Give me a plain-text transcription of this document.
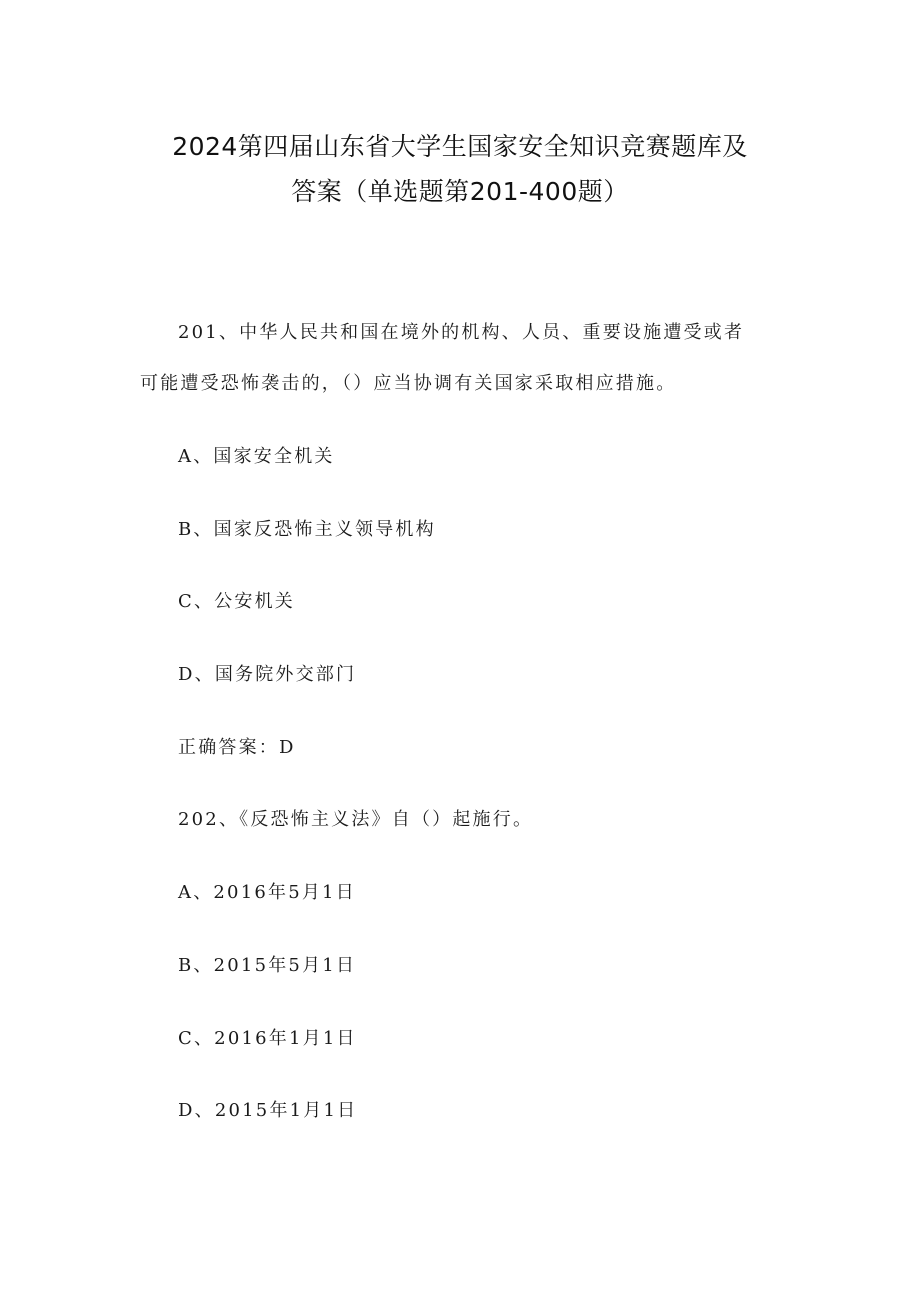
2024第四届山东省大学生国家安全知识竞赛题库及
答案（单选题第201-400题）
201、中华人民共和国在境外的机构、人员、重要设施遭受或者
可能遭受恐怖袭击的，（）应当协调有关国家采取相应措施。
A、国家安全机关
B、国家反恐怖主义领导机构
C、公安机关
D、国务院外交部门
正确答案：D
202、《反恐怖主义法》自（）起施行。
A、2016年5月1日
B、2015年5月1日
C、2016年1月1日
D、2015年1月1日
